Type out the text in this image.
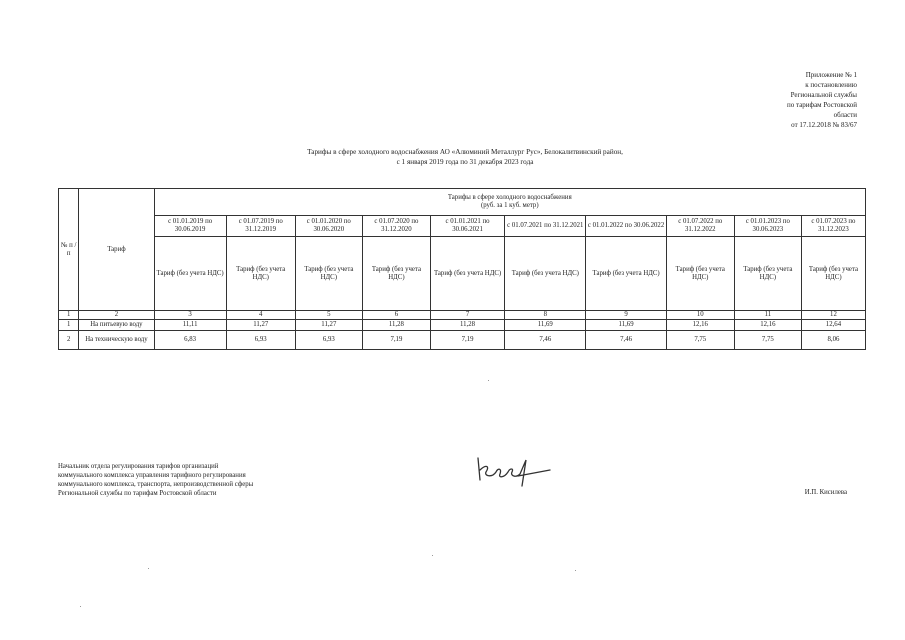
Приложение № 1
к постановлению
Региональной службы
по тарифам Ростовской
области
от 17.12.2018 № 83/67
Тарифы в сфере холодного водоснабжения АО «Алюминий Металлург Рус», Белокалитвинский район,
с 1 января 2019 года по 31 декабря 2023 года
№ п /п	Тариф	Тарифы в сфере холодного водоснабжения
(руб. за 1 куб. метр)									

		с 01.01.2019 по 30.06.2019	с 01.07.2019 по 31.12.2019	с 01.01.2020 по 30.06.2020	с 01.07.2020 по 31.12.2020	с 01.01.2021 по 30.06.2021	с 01.07.2021 по 31.12.2021	с 01.01.2022 по 30.06.2022	с 01.07.2022 по 31.12.2022	с 01.01.2023 по 30.06.2023	с 01.07.2023 по 31.12.2023
		Тариф (без учета НДС)	Тариф (без учета НДС)	Тариф (без учета НДС)	Тариф (без учета НДС)	Тариф (без учета НДС)	Тариф (без учета НДС)	Тариф (без учета НДС)	Тариф (без учета НДС)	Тариф (без учета НДС)	Тариф (без учета НДС)
1	2	3	4	5	6	7	8	9	10	11	12
1	На питьевую воду	11,11	11,27	11,27	11,28	11,28	11,69	11,69	12,16	12,16	12,64
2	На техническую воду	6,83	6,93	6,93	7,19	7,19	7,46	7,46	7,75	7,75	8,06
Начальник отдела регулирования тарифов организаций
коммунального комплекса управления тарифного регулирования
коммунального комплекса, транспорта, непроизводственной сферы
Региональной службы по тарифам Ростовской области	И.П. Кисилева
